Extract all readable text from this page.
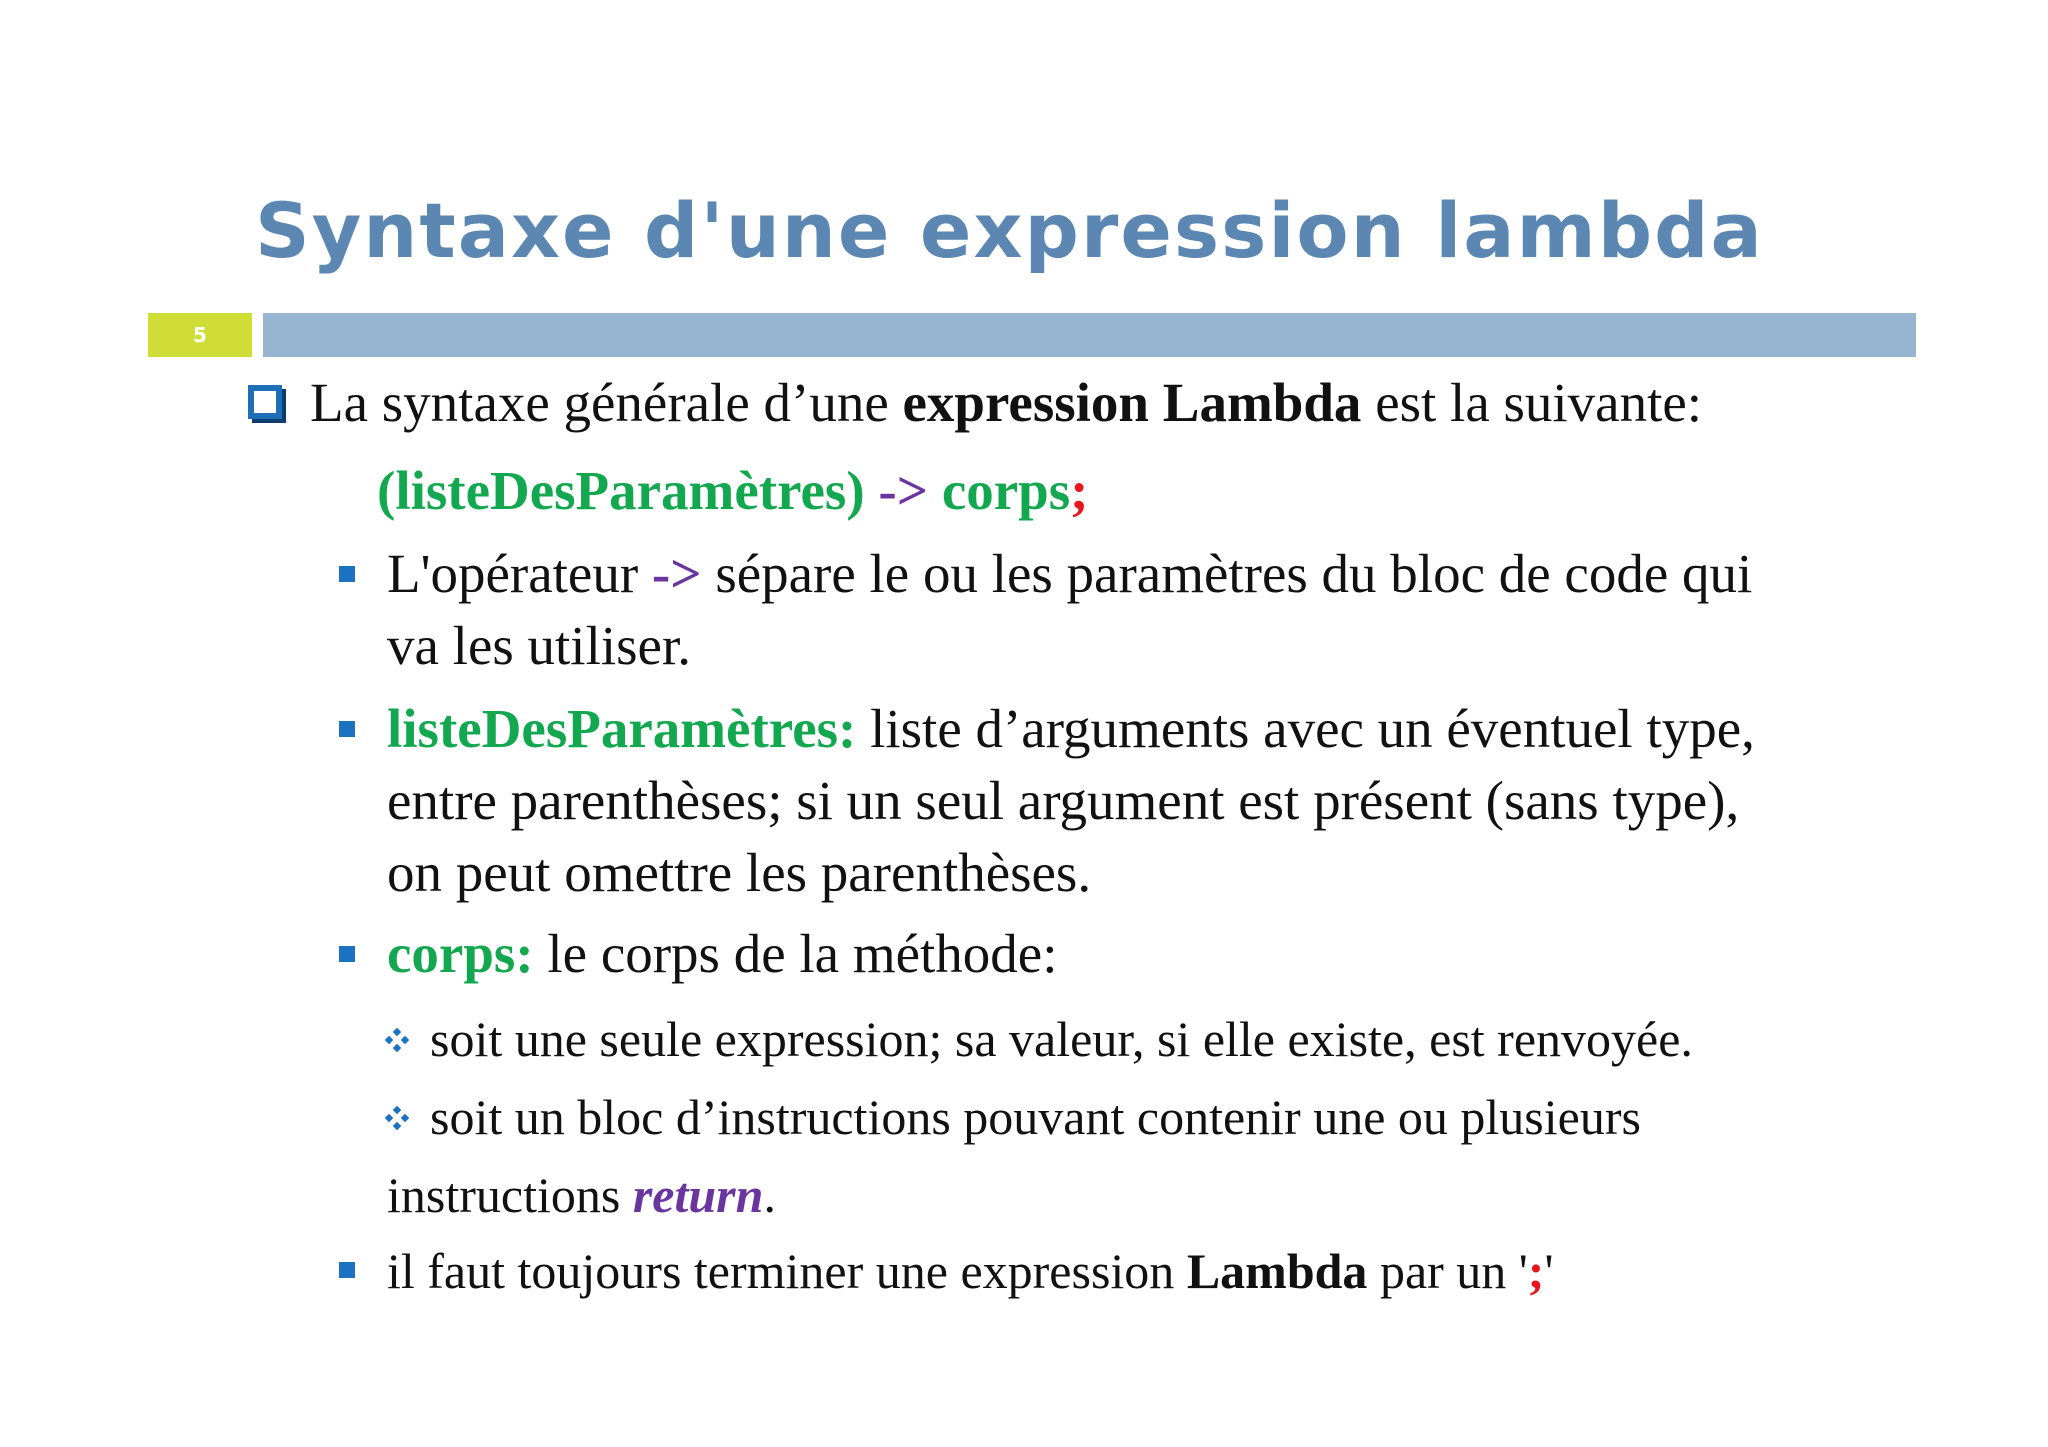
Syntaxe d'une expression lambda
5
La syntaxe générale d’une expression Lambda est la suivante:
(listeDesParamètres) -> corps;
L'opérateur -> sépare le ou les paramètres du bloc de code qui
va les utiliser.
listeDesParamètres: liste d’arguments avec un éventuel type,
entre parenthèses; si un seul argument est présent (sans type),
on peut omettre les parenthèses.
corps: le corps de la méthode:
soit une seule expression; sa valeur, si elle existe, est renvoyée.
soit un bloc d’instructions pouvant contenir une ou plusieurs
instructions return.
il faut toujours terminer une expression Lambda par un ';'
